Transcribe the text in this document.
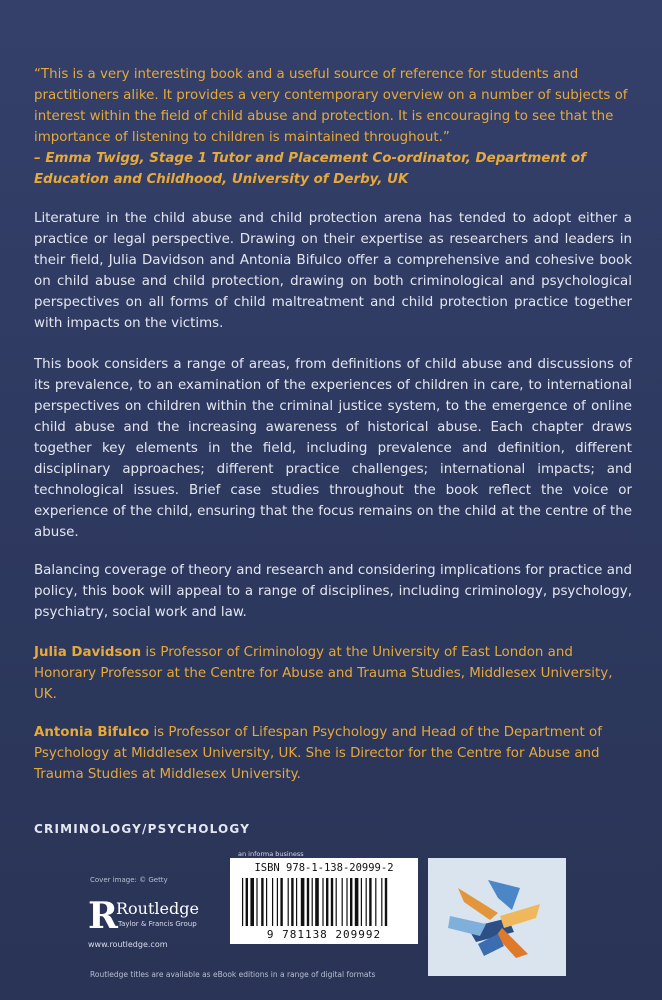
“This is a very interesting book and a useful source of reference for students and practitioners alike. It provides a very contemporary overview on a number of subjects of interest within the field of child abuse and protection. It is encouraging to see that the importance of listening to children is maintained throughout.”
– Emma Twigg, Stage 1 Tutor and Placement Co-ordinator, Department of Education and Childhood, University of Derby, UK
Literature in the child abuse and child protection arena has tended to adopt either a practice or legal perspective. Drawing on their expertise as researchers and leaders in their field, Julia Davidson and Antonia Bifulco offer a comprehensive and cohesive book on child abuse and child protection, drawing on both criminological and psychological perspectives on all forms of child maltreatment and child protection practice together with impacts on the victims.
This book considers a range of areas, from definitions of child abuse and discussions of its prevalence, to an examination of the experiences of children in care, to international perspectives on children within the criminal justice system, to the emergence of online child abuse and the increasing awareness of historical abuse. Each chapter draws together key elements in the field, including prevalence and definition, different disciplinary approaches; different practice challenges; international impacts; and technological issues. Brief case studies throughout the book reflect the voice or experience of the child, ensuring that the focus remains on the child at the centre of the abuse.
Balancing coverage of theory and research and considering implications for practice and policy, this book will appeal to a range of disciplines, including criminology, psychology, psychiatry, social work and law.
Julia Davidson is Professor of Criminology at the University of East London and Honorary Professor at the Centre for Abuse and Trauma Studies, Middlesex University, UK.
Antonia Bifulco is Professor of Lifespan Psychology and Head of the Department of Psychology at Middlesex University, UK. She is Director for the Centre for Abuse and Trauma Studies at Middlesex University.
CRIMINOLOGY/PSYCHOLOGY
Cover image: © Getty
R
Routledge
Taylor & Francis Group
www.routledge.com
an informa business
ISBN 978-1-138-20999-2
9 781138 209992
Routledge titles are available as eBook editions in a range of digital formats
